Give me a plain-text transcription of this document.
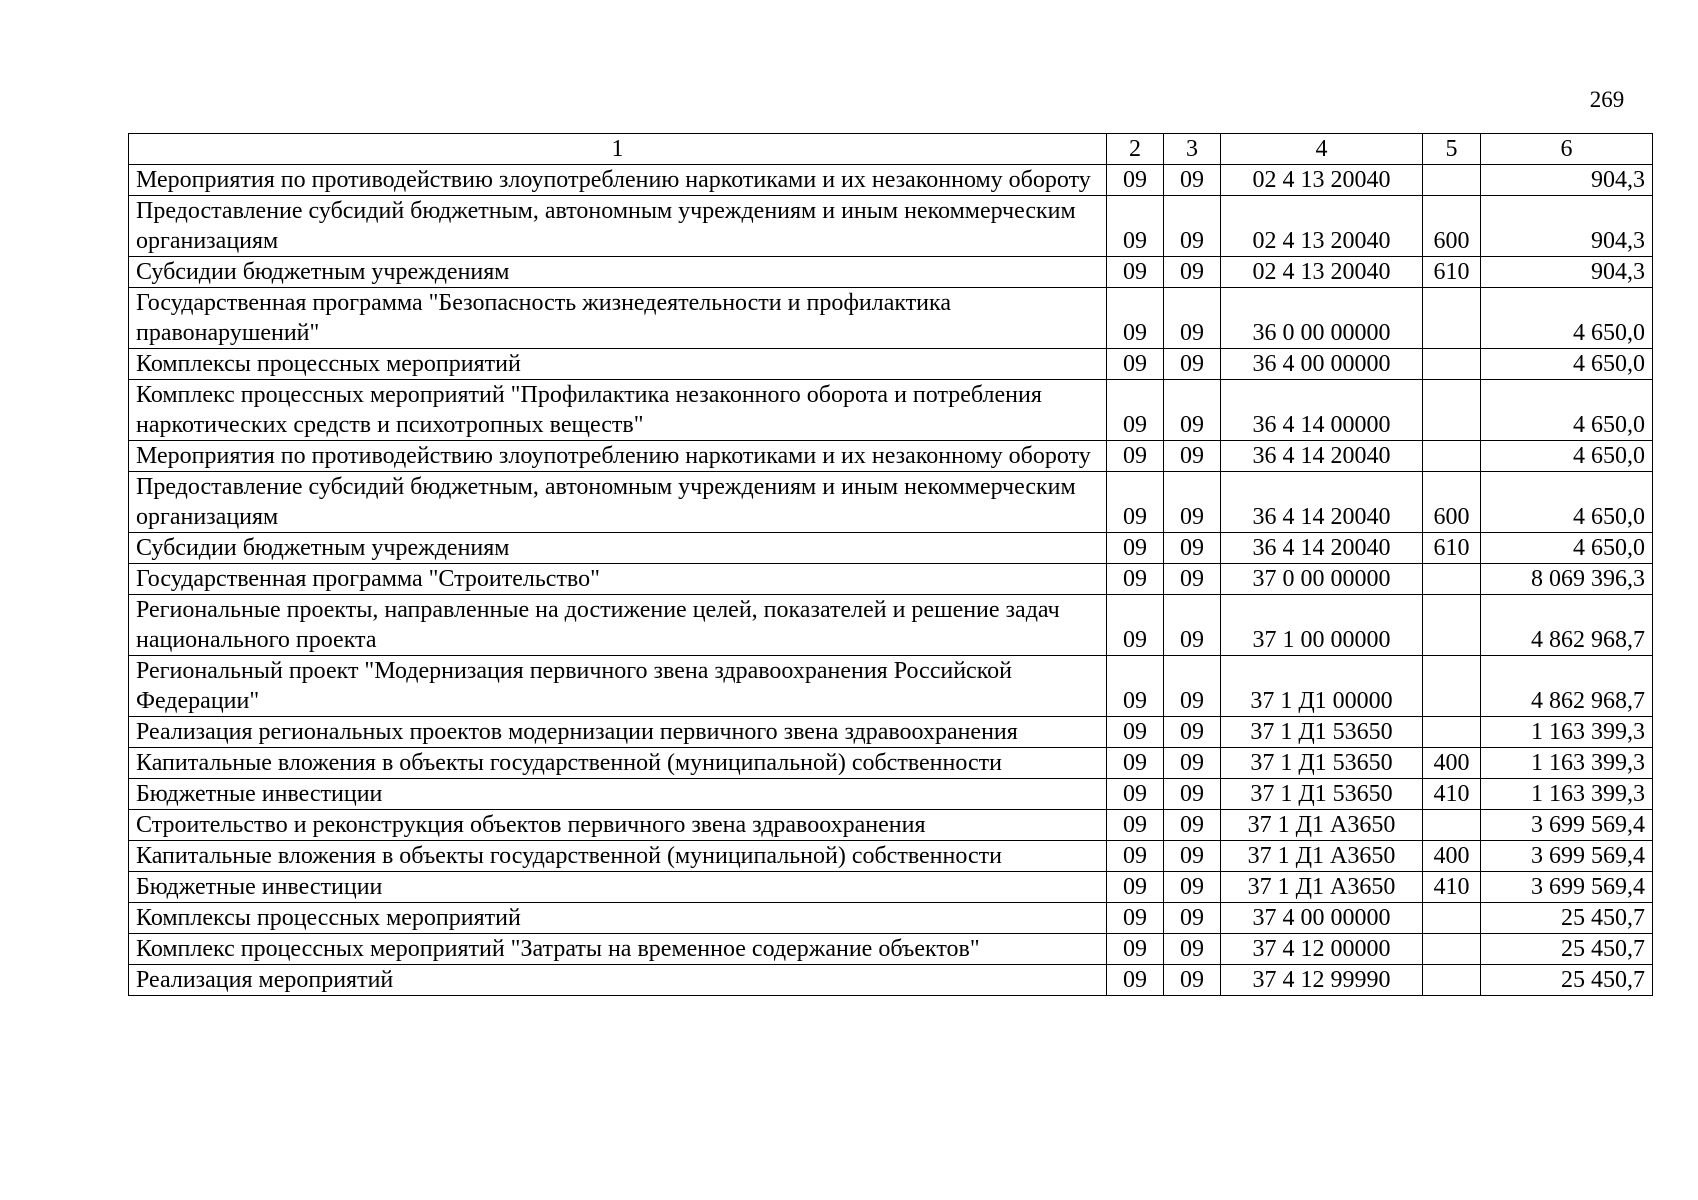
269
1	2	3	4	5	6
Мероприятия по противодействию злоупотреблению наркотиками и их незаконному обороту	09	09	02 4 13 20040		904,3
Предоставление субсидий бюджетным, автономным учреждениям и иным некоммерческим организациям	09	09	02 4 13 20040	600	904,3
Субсидии бюджетным учреждениям	09	09	02 4 13 20040	610	904,3
Государственная программа "Безопасность жизнедеятельности и профилактика правонарушений"	09	09	36 0 00 00000		4 650,0
Комплексы процессных мероприятий	09	09	36 4 00 00000		4 650,0
Комплекс процессных мероприятий "Профилактика незаконного оборота и потребления наркотических средств и психотропных веществ"	09	09	36 4 14 00000		4 650,0
Мероприятия по противодействию злоупотреблению наркотиками и их незаконному обороту	09	09	36 4 14 20040		4 650,0
Предоставление субсидий бюджетным, автономным учреждениям и иным некоммерческим организациям	09	09	36 4 14 20040	600	4 650,0
Субсидии бюджетным учреждениям	09	09	36 4 14 20040	610	4 650,0
Государственная программа "Строительство"	09	09	37 0 00 00000		8 069 396,3
Региональные проекты, направленные на достижение целей, показателей и решение задач национального проекта	09	09	37 1 00 00000		4 862 968,7
Региональный проект "Модернизация первичного звена здравоохранения Российской Федерации"	09	09	37 1 Д1 00000		4 862 968,7
Реализация региональных проектов модернизации первичного звена здравоохранения	09	09	37 1 Д1 53650		1 163 399,3
Капитальные вложения в объекты государственной (муниципальной) собственности	09	09	37 1 Д1 53650	400	1 163 399,3
Бюджетные инвестиции	09	09	37 1 Д1 53650	410	1 163 399,3
Строительство и реконструкция объектов первичного звена здравоохранения	09	09	37 1 Д1 А3650		3 699 569,4
Капитальные вложения в объекты государственной (муниципальной) собственности	09	09	37 1 Д1 А3650	400	3 699 569,4
Бюджетные инвестиции	09	09	37 1 Д1 А3650	410	3 699 569,4
Комплексы процессных мероприятий	09	09	37 4 00 00000		25 450,7
Комплекс процессных мероприятий "Затраты на временное содержание объектов"	09	09	37 4 12 00000		25 450,7
Реализация мероприятий	09	09	37 4 12 99990		25 450,7
